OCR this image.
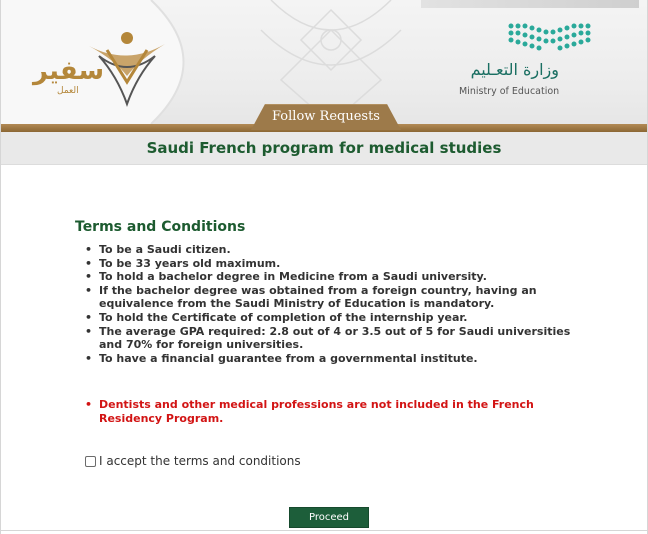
سفير
العمل
وزارة التعـليم
Ministry of Education
Follow Requests
Saudi French program for medical studies
Terms and Conditions
• To be a Saudi citizen.
• To be 33 years old maximum.
• To hold a bachelor degree in Medicine from a Saudi university.
• If the bachelor degree was obtained from a foreign country, having an equivalence from the Saudi Ministry of Education is mandatory.
• To hold the Certificate of completion of the internship year.
• The average GPA required: 2.8 out of 4 or 3.5 out of 5 for Saudi universities and 70% for foreign universities.
• To have a financial guarantee from a governmental institute.
• Dentists and other medical professions are not included in the French Residency Program.
I accept the terms and conditions
Proceed
